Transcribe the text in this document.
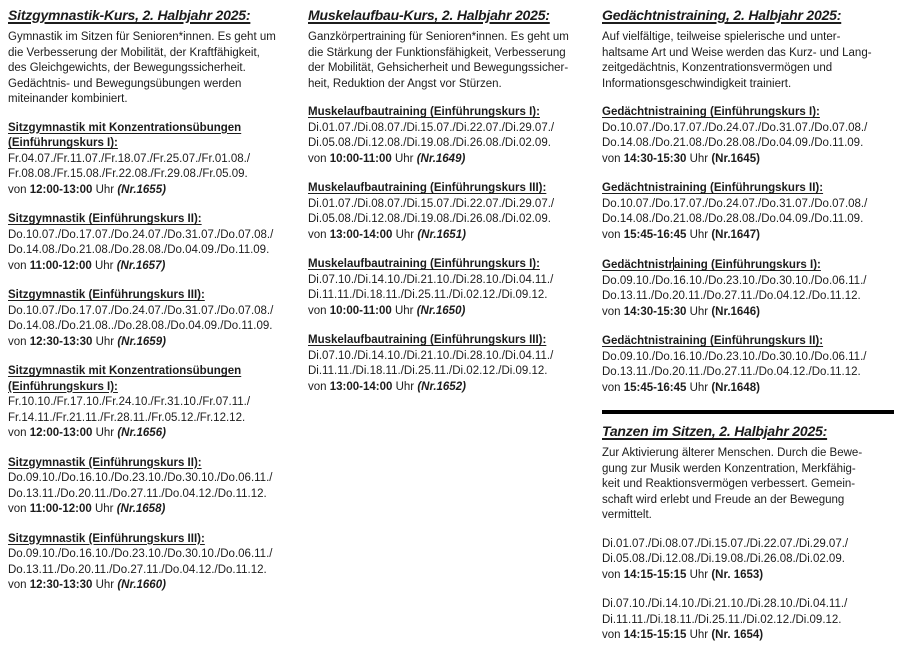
Sitzgymnastik-Kurs, 2. Halbjahr 2025:
Gymnastik im Sitzen für Senioren*innen. Es geht um
die Verbesserung der Mobilität, der Kraftfähigkeit,
des Gleichgewichts, der Bewegungssicherheit.
Gedächtnis- und Bewegungsübungen werden
miteinander kombiniert.
Sitzgymnastik mit Konzentrationsübungen
(Einführungskurs I):
Fr.04.07./Fr.11.07./Fr.18.07./Fr.25.07./Fr.01.08./
Fr.08.08./Fr.15.08./Fr.22.08./Fr.29.08./Fr.05.09.
von 12:00-13:00 Uhr (Nr.1655)
Sitzgymnastik (Einführungskurs II):
Do.10.07./Do.17.07./Do.24.07./Do.31.07./Do.07.08./
Do.14.08./Do.21.08./Do.28.08./Do.04.09./Do.11.09.
von 11:00-12:00 Uhr (Nr.1657)
Sitzgymnastik (Einführungskurs III):
Do.10.07./Do.17.07./Do.24.07./Do.31.07./Do.07.08./
Do.14.08./Do.21.08../Do.28.08./Do.04.09./Do.11.09.
von 12:30-13:30 Uhr (Nr.1659)
Sitzgymnastik mit Konzentrationsübungen
(Einführungskurs I):
Fr.10.10./Fr.17.10./Fr.24.10./Fr.31.10./Fr.07.11./
Fr.14.11./Fr.21.11./Fr.28.11./Fr.05.12./Fr.12.12.
von 12:00-13:00 Uhr (Nr.1656)
Sitzgymnastik (Einführungskurs II):
Do.09.10./Do.16.10./Do.23.10./Do.30.10./Do.06.11./
Do.13.11./Do.20.11./Do.27.11./Do.04.12./Do.11.12.
von 11:00-12:00 Uhr (Nr.1658)
Sitzgymnastik (Einführungskurs III):
Do.09.10./Do.16.10./Do.23.10./Do.30.10./Do.06.11./
Do.13.11./Do.20.11./Do.27.11./Do.04.12./Do.11.12.
von 12:30-13:30 Uhr (Nr.1660)
Muskelaufbau-Kurs, 2. Halbjahr 2025:
Ganzkörpertraining für Senioren*innen. Es geht um
die Stärkung der Funktionsfähigkeit, Verbesserung
der Mobilität, Gehsicherheit und Bewegungssicher-
heit, Reduktion der Angst vor Stürzen.
Muskelaufbautraining (Einführungskurs I):
Di.01.07./Di.08.07./Di.15.07./Di.22.07./Di.29.07./
Di.05.08./Di.12.08./Di.19.08./Di.26.08./Di.02.09.
von 10:00-11:00 Uhr (Nr.1649)
Muskelaufbautraining (Einführungskurs III):
Di.01.07./Di.08.07./Di.15.07./Di.22.07./Di.29.07./
Di.05.08./Di.12.08./Di.19.08./Di.26.08./Di.02.09.
von 13:00-14:00 Uhr (Nr.1651)
Muskelaufbautraining (Einführungskurs I):
Di.07.10./Di.14.10./Di.21.10./Di.28.10./Di.04.11./
Di.11.11./Di.18.11./Di.25.11./Di.02.12./Di.09.12.
von 10:00-11:00 Uhr (Nr.1650)
Muskelaufbautraining (Einführungskurs III):
Di.07.10./Di.14.10./Di.21.10./Di.28.10./Di.04.11./
Di.11.11./Di.18.11./Di.25.11./Di.02.12./Di.09.12.
von 13:00-14:00 Uhr (Nr.1652)
Gedächtnistraining, 2. Halbjahr 2025:
Auf vielfältige, teilweise spielerische und unter-
haltsame Art und Weise werden das Kurz- und Lang-
zeitgedächtnis, Konzentrationsvermögen und
Informationsgeschwindigkeit trainiert.
Gedächtnistraining (Einführungskurs I):
Do.10.07./Do.17.07./Do.24.07./Do.31.07./Do.07.08./
Do.14.08./Do.21.08./Do.28.08./Do.04.09./Do.11.09.
von 14:30-15:30 Uhr (Nr.1645)
Gedächtnistraining (Einführungskurs II):
Do.10.07./Do.17.07./Do.24.07./Do.31.07./Do.07.08./
Do.14.08./Do.21.08./Do.28.08./Do.04.09./Do.11.09.
von 15:45-16:45 Uhr (Nr.1647)
Gedächtnistraining (Einführungskurs I):
Do.09.10./Do.16.10./Do.23.10./Do.30.10./Do.06.11./
Do.13.11./Do.20.11./Do.27.11./Do.04.12./Do.11.12.
von 14:30-15:30 Uhr (Nr.1646)
Gedächtnistraining (Einführungskurs II):
Do.09.10./Do.16.10./Do.23.10./Do.30.10./Do.06.11./
Do.13.11./Do.20.11./Do.27.11./Do.04.12./Do.11.12.
von 15:45-16:45 Uhr (Nr.1648)
Tanzen im Sitzen, 2. Halbjahr 2025:
Zur Aktivierung älterer Menschen. Durch die Bewe-
gung zur Musik werden Konzentration, Merkfähig-
keit und Reaktionsvermögen verbessert. Gemein-
schaft wird erlebt und Freude an der Bewegung
vermittelt.
Di.01.07./Di.08.07./Di.15.07./Di.22.07./Di.29.07./
Di.05.08./Di.12.08./Di.19.08./Di.26.08./Di.02.09.
von 14:15-15:15 Uhr (Nr. 1653)
Di.07.10./Di.14.10./Di.21.10./Di.28.10./Di.04.11./
Di.11.11./Di.18.11./Di.25.11./Di.02.12./Di.09.12.
von 14:15-15:15 Uhr (Nr. 1654)
